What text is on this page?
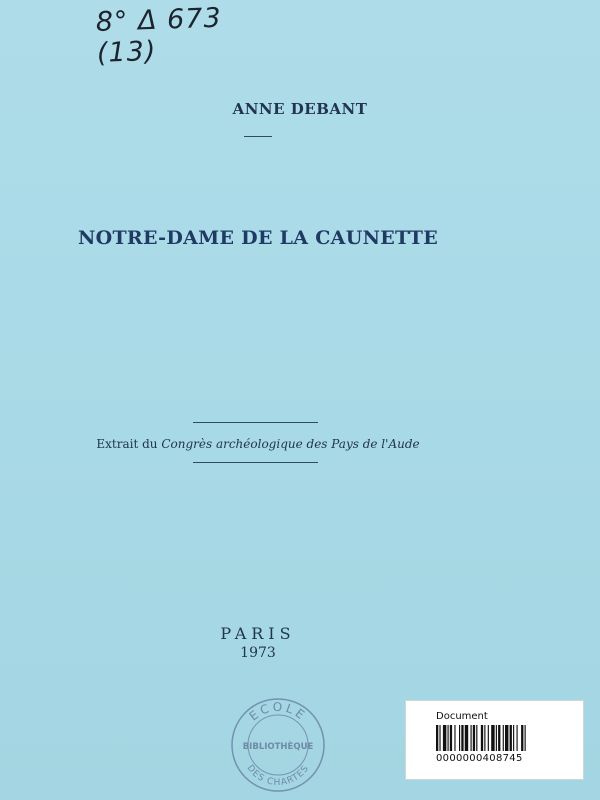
8° Δ 673 (13)
ANNE DEBANT
NOTRE-DAME DE LA CAUNETTE
Extrait du Congrès archéologique des Pays de l'Aude
PARIS
1973
ECOLE
BIBLIOTHÈQUE
DES CHARTES
Document
0000000408745
